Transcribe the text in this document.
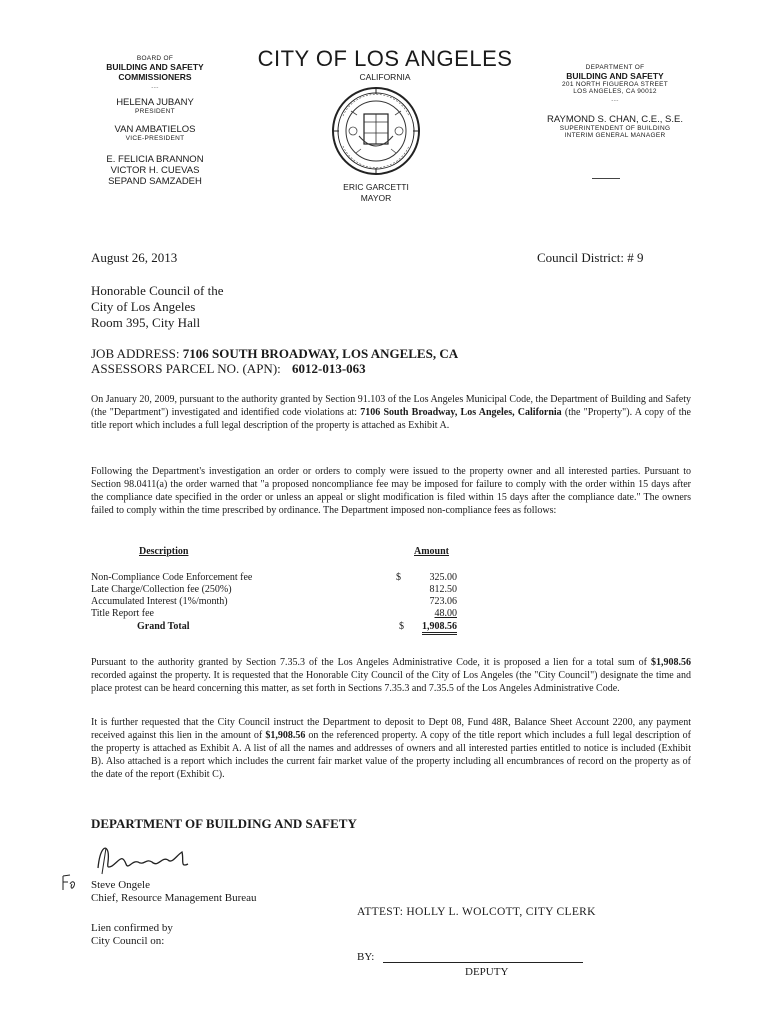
BOARD OF
BUILDING AND SAFETY
COMMISSIONERS
---
HELENA JUBANY
PRESIDENT
VAN AMBATIELOS
VICE-PRESIDENT
E. FELICIA BRANNON
VICTOR H. CUEVAS
SEPAND SAMZADEH
CITY OF LOS ANGELES
CALIFORNIA
ERIC GARCETTI
MAYOR
DEPARTMENT OF
BUILDING AND SAFETY
201 NORTH FIGUEROA STREET
LOS ANGELES, CA 90012
---
RAYMOND S. CHAN, C.E., S.E.
SUPERINTENDENT OF BUILDING
INTERIM GENERAL MANAGER
August 26, 2013	Council District: # 9
Honorable Council of the
City of Los Angeles
Room 395, City Hall
JOB ADDRESS: 7106 SOUTH BROADWAY, LOS ANGELES, CA
ASSESSORS PARCEL NO. (APN): 6012-013-063
On January 20, 2009, pursuant to the authority granted by Section 91.103 of the Los Angeles Municipal Code, the Department of Building and Safety (the "Department") investigated and identified code violations at: 7106 South Broadway, Los Angeles, California (the "Property"). A copy of the title report which includes a full legal description of the property is attached as Exhibit A.
Following the Department's investigation an order or orders to comply were issued to the property owner and all interested parties. Pursuant to Section 98.0411(a) the order warned that "a proposed noncompliance fee may be imposed for failure to comply with the order within 15 days after the compliance date specified in the order or unless an appeal or slight modification is filed within 15 days after the compliance date." The owners failed to comply within the time prescribed by ordinance. The Department imposed non-compliance fees as follows:
Description	Amount
Non-Compliance Code Enforcement fee	$	325.00
Late Charge/Collection fee (250%)	812.50
Accumulated Interest (1%/month)	723.06
Title Report fee	48.00
Grand Total	$ 1,908.56
Pursuant to the authority granted by Section 7.35.3 of the Los Angeles Administrative Code, it is proposed a lien for a total sum of $1,908.56 recorded against the property. It is requested that the Honorable City Council of the City of Los Angeles (the "City Council") designate the time and place protest can be heard concerning this matter, as set forth in Sections 7.35.3 and 7.35.5 of the Los Angeles Administrative Code.
It is further requested that the City Council instruct the Department to deposit to Dept 08, Fund 48R, Balance Sheet Account 2200, any payment received against this lien in the amount of $1,908.56 on the referenced property. A copy of the title report which includes a full legal description of the property is attached as Exhibit A. A list of all the names and addresses of owners and all interested parties entitled to notice is included (Exhibit B). Also attached is a report which includes the current fair market value of the property including all encumbrances of record on the property as of the date of the report (Exhibit C).
DEPARTMENT OF BUILDING AND SAFETY
Steve Ongele
Chief, Resource Management Bureau
ATTEST: HOLLY L. WOLCOTT, CITY CLERK
Lien confirmed by
City Council on:
BY:
DEPUTY
